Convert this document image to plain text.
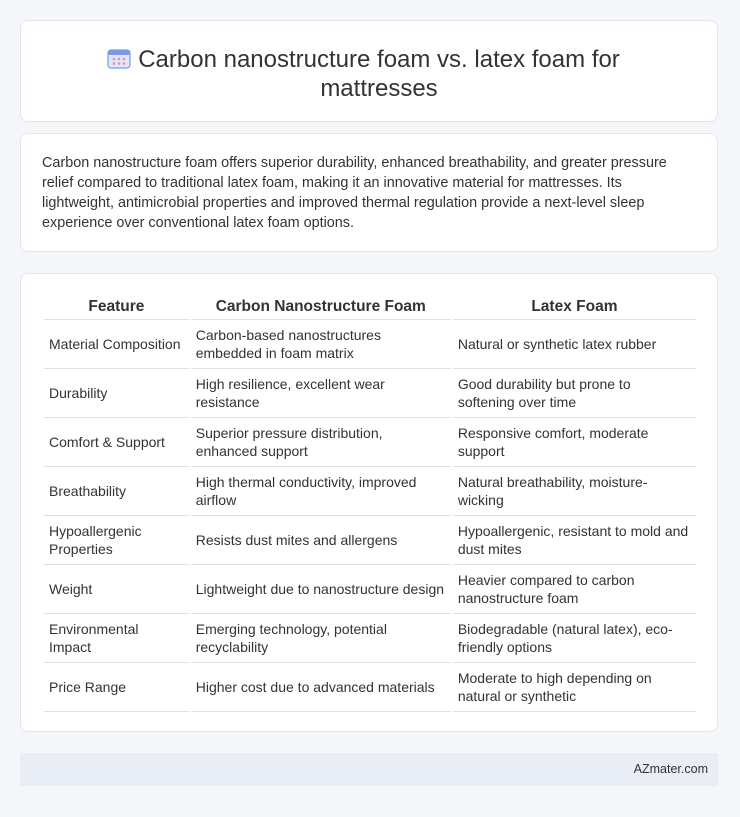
Carbon nanostructure foam vs. latex foam for mattresses

Carbon nanostructure foam offers superior durability, enhanced breathability, and greater pressure relief compared to traditional latex foam, making it an innovative material for mattresses. Its lightweight, antimicrobial properties and improved thermal regulation provide a next-level sleep experience over conventional latex foam options.

Feature	Carbon Nanostructure Foam	Latex Foam
Material Composition	Carbon-based nanostructures embedded in foam matrix	Natural or synthetic latex rubber
Durability	High resilience, excellent wear resistance	Good durability but prone to softening over time
Comfort & Support	Superior pressure distribution, enhanced support	Responsive comfort, moderate support
Breathability	High thermal conductivity, improved airflow	Natural breathability, moisture-wicking
Hypoallergenic Properties	Resists dust mites and allergens	Hypoallergenic, resistant to mold and dust mites
Weight	Lightweight due to nanostructure design	Heavier compared to carbon nanostructure foam
Environmental Impact	Emerging technology, potential recyclability	Biodegradable (natural latex), eco-friendly options
Price Range	Higher cost due to advanced materials	Moderate to high depending on natural or synthetic
AZmater.com
